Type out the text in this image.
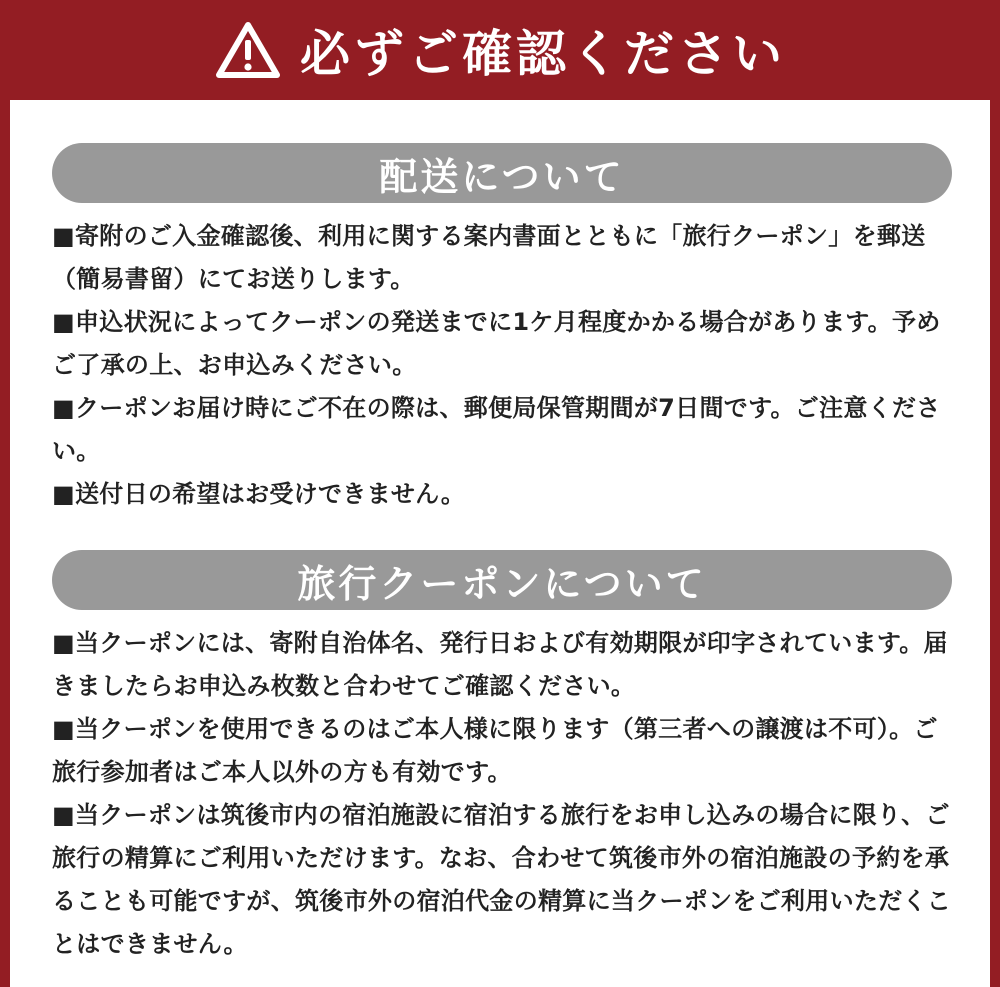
必ずご確認ください
配送について
■寄附のご入金確認後、利用に関する案内書面とともに「旅行クーポン」を郵送（簡易書留）にてお送りします。
■申込状況によってクーポンの発送までに1ケ月程度かかる場合があります。予めご了承の上、お申込みください。
■クーポンお届け時にご不在の際は、郵便局保管期間が7日間です。ご注意ください。
■送付日の希望はお受けできません。
旅行クーポンについて
■当クーポンには、寄附自治体名、発行日および有効期限が印字されています。届きましたらお申込み枚数と合わせてご確認ください。
■当クーポンを使用できるのはご本人様に限ります（第三者への譲渡は不可）。ご旅行参加者はご本人以外の方も有効です。
■当クーポンは筑後市内の宿泊施設に宿泊する旅行をお申し込みの場合に限り、ご旅行の精算にご利用いただけます。なお、合わせて筑後市外の宿泊施設の予約を承ることも可能ですが、筑後市外の宿泊代金の精算に当クーポンをご利用いただくことはできません。
